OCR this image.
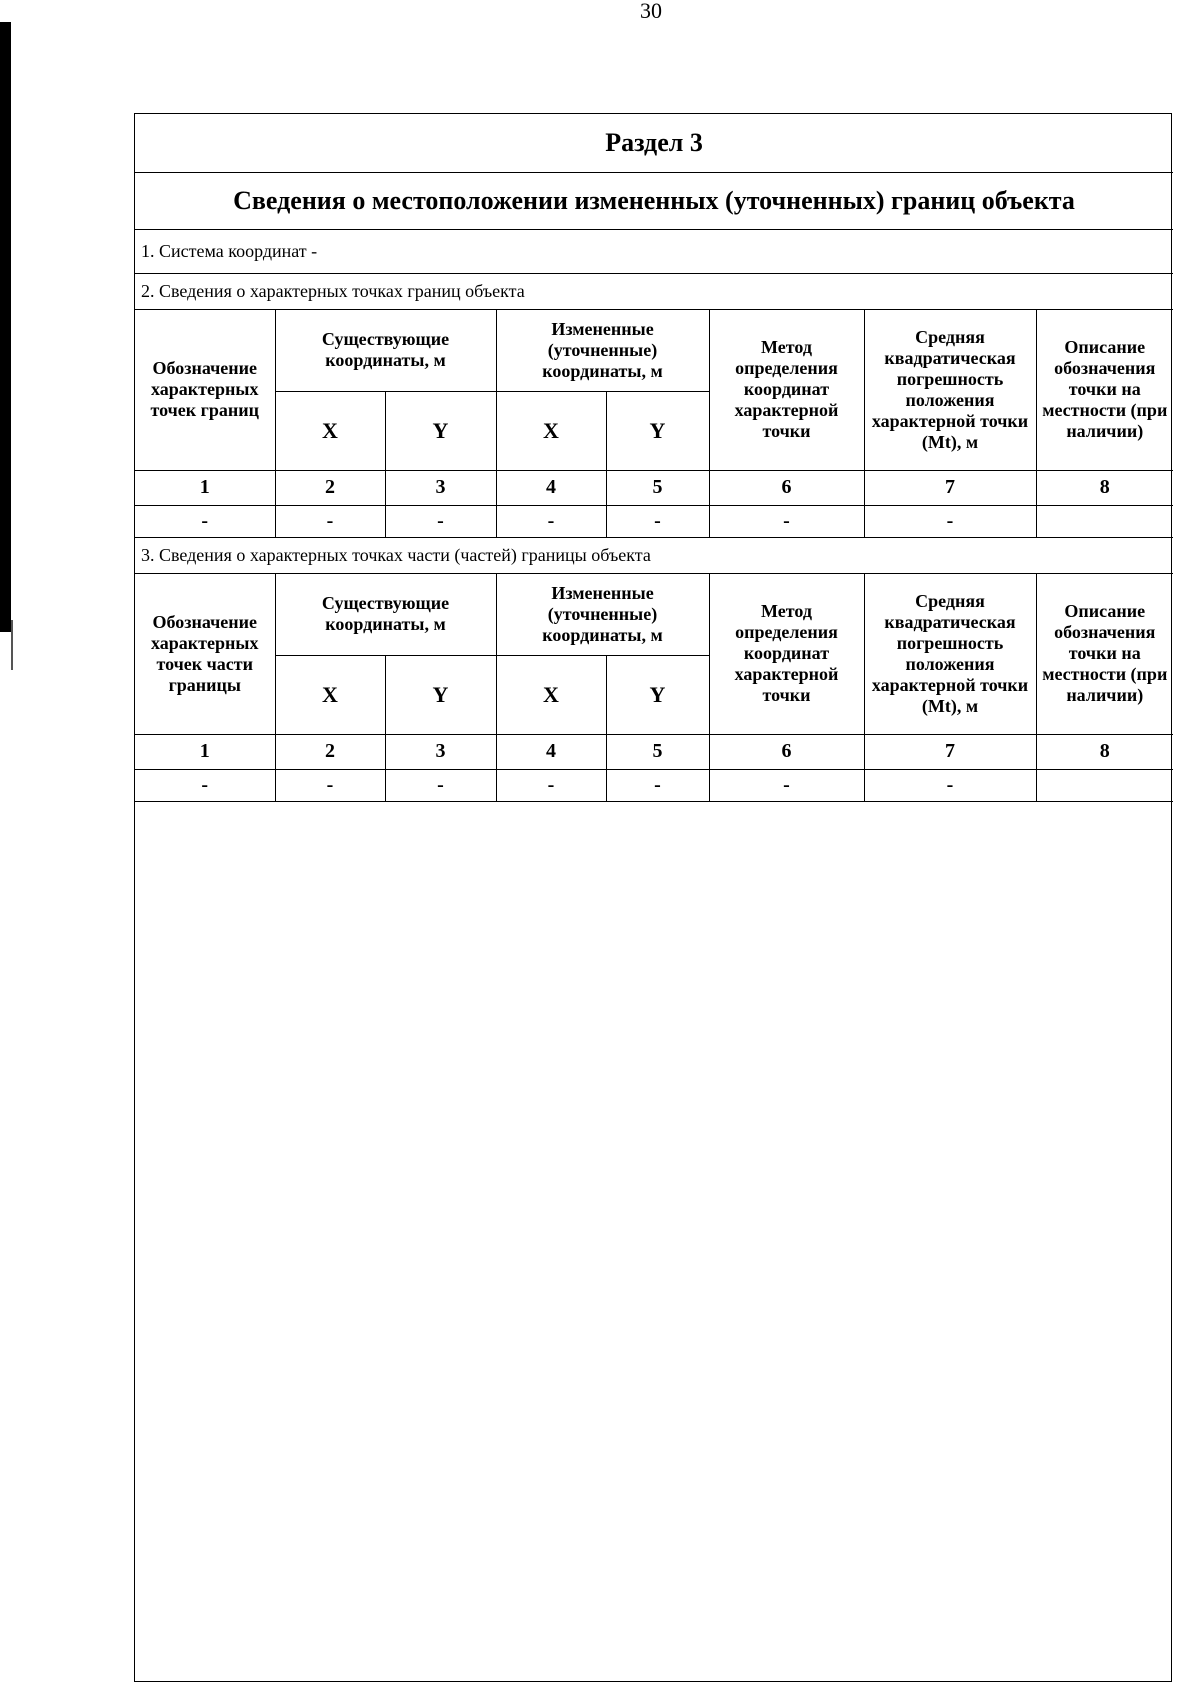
30
Раздел 3							
Сведения о местоположении измененных (уточненных) границ объекта							
1. Система координат -							
2. Сведения о характерных точках границ объекта							
Обозначение характерных точек границ	Существующие координаты, м		Измененные (уточненные) координаты, м		Метод определения координат характерной точки	Средняя квадратическая погрешность положения характерной точки (Mt), м	Описание обозначения точки на местности (при наличии)
	X	Y	X	Y			
1	2	3	4	5	6	7	8
-	-	-	-	-	-	-	
3. Сведения о характерных точках части (частей) границы объекта							
Обозначение характерных точек части границы	Существующие координаты, м		Измененные (уточненные) координаты, м		Метод определения координат характерной точки	Средняя квадратическая погрешность положения характерной точки (Mt), м	Описание обозначения точки на местности (при наличии)
	X	Y	X	Y			
1	2	3	4	5	6	7	8
-	-	-	-	-	-	-	
